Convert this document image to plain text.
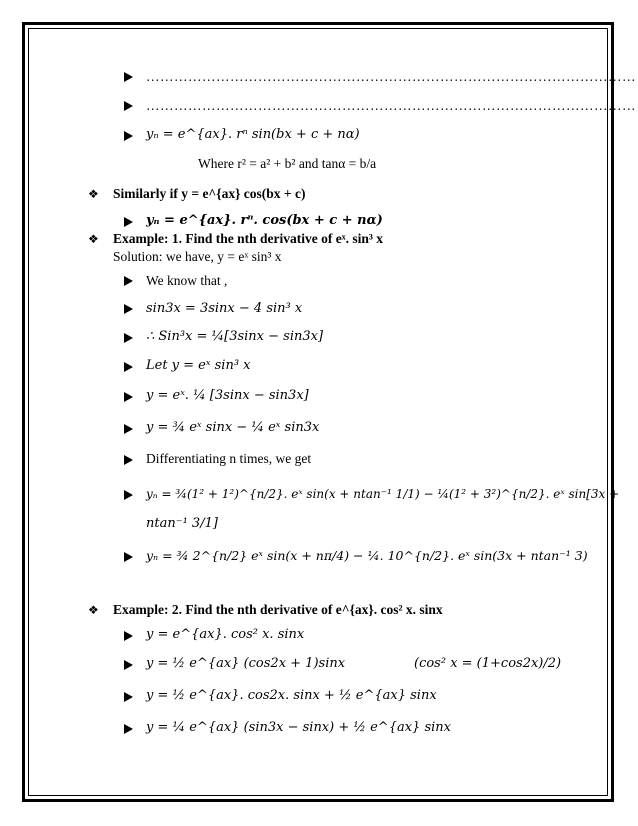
……………………………………………………………………………………………
……………………………………………………………………………………………
yₙ = e^{ax}. rⁿ sin(bx + c + nα)
Where r² = a² + b² and tanα = b/a
❖ Similarly if y = e^{ax} cos(bx + c)
yₙ = e^{ax}. rⁿ. cos(bx + c + nα)
❖ Example: 1. Find the nth derivative of eˣ. sin³ x
Solution: we have, y = eˣ sin³ x
We know that ,
sin3x = 3sinx − 4 sin³ x
∴ Sin³x = ¼[3sinx − sin3x]
Let y = eˣ sin³ x
y = eˣ. ¼ [3sinx − sin3x]
y = ¾ eˣ sinx − ¼ eˣ sin3x
Differentiating n times, we get
yₙ = ¾(1² + 1²)^{n/2}. eˣ sin(x + ntan⁻¹ 1/1) − ¼(1² + 3²)^{n/2}. eˣ sin[3x +
ntan⁻¹ 3/1]
yₙ = ¾ 2^{n/2} eˣ sin(x + nπ/4) − ¼. 10^{n/2}. eˣ sin(3x + ntan⁻¹ 3)
❖ Example: 2. Find the nth derivative of e^{ax}. cos² x. sinx
y = e^{ax}. cos² x. sinx
y = ½ e^{ax} (cos2x + 1)sinx	(cos² x = (1+cos2x)/2)
y = ½ e^{ax}. cos2x. sinx + ½ e^{ax} sinx
y = ¼ e^{ax} (sin3x − sinx) + ½ e^{ax} sinx
